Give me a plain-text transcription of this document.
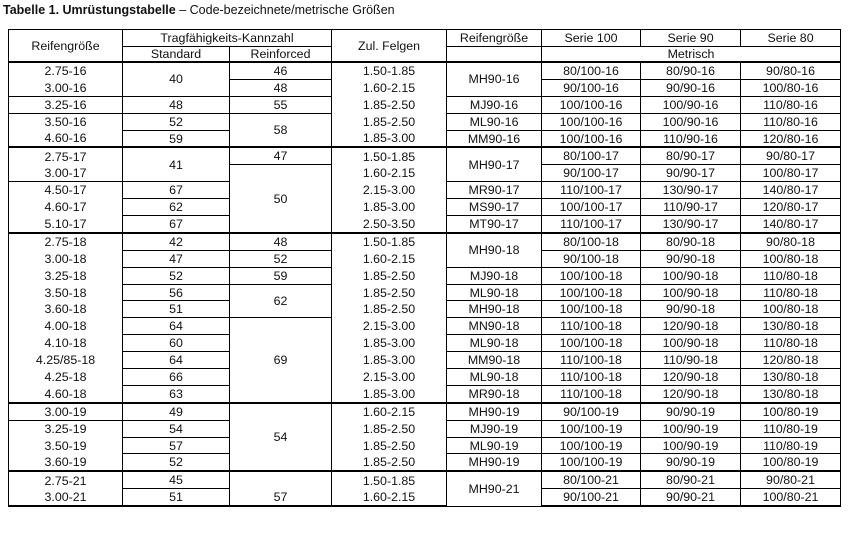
Tabelle 1. Umrüstungstabelle – Code-bezeichnete/metrische Größen
Reifengröße	Tragfähigkeits-Kannzahl		Zul. Felgen	Reifengröße	Serie 100	Serie 90	Serie 80
	Standard	Reinforced			Metrisch		
2.75-16	40	46	1.50-1.85	MH90-16	80/100-16	80/90-16	90/80-16
3.00-16		48	1.60-2.15		90/100-16	90/90-16	100/80-16
3.25-16	48	55	1.85-2.50	MJ90-16	100/100-16	100/90-16	110/80-16
3.50-16	52	58	1.85-2.50	ML90-16	100/100-16	100/90-16	110/80-16
4.60-16	59		1.85-3.00	MM90-16	100/100-16	110/90-16	120/80-16
2.75-17	41	47	1.50-1.85	MH90-17	80/100-17	80/90-17	90/80-17
3.00-17		50	1.60-2.15		90/100-17	90/90-17	100/80-17
4.50-17	67		2.15-3.00	MR90-17	110/100-17	130/90-17	140/80-17
4.60-17	62		1.85-3.00	MS90-17	100/100-17	110/90-17	120/80-17
5.10-17	67		2.50-3.50	MT90-17	110/100-17	130/90-17	140/80-17
2.75-18	42	48	1.50-1.85	MH90-18	80/100-18	80/90-18	90/80-18
3.00-18	47	52	1.60-2.15		90/100-18	90/90-18	100/80-18
3.25-18	52	59	1.85-2.50	MJ90-18	100/100-18	100/90-18	110/80-18
3.50-18	56	62	1.85-2.50	ML90-18	100/100-18	100/90-18	110/80-18
3.60-18	51		1.85-2.50	MH90-18	100/100-18	90/90-18	100/80-18
4.00-18	64	69	2.15-3.00	MN90-18	110/100-18	120/90-18	130/80-18
4.10-18	60		1.85-3.00	ML90-18	100/100-18	100/90-18	110/80-18
4.25/85-18	64		1.85-3.00	MM90-18	110/100-18	110/90-18	120/80-18
4.25-18	66		2.15-3.00	ML90-18	110/100-18	120/90-18	130/80-18
4.60-18	63		1.85-3.00	MR90-18	110/100-18	120/90-18	130/80-18
3.00-19	49	54	1.60-2.15	MH90-19	90/100-19	90/90-19	100/80-19
3.25-19	54		1.85-2.50	MJ90-19	100/100-19	100/90-19	110/80-19
3.50-19	57		1.85-2.50	ML90-19	100/100-19	100/90-19	110/80-19
3.60-19	52		1.85-2.50	MH90-19	100/100-19	90/90-19	100/80-19
2.75-21	45		1.50-1.85	MH90-21	80/100-21	80/90-21	90/80-21
3.00-21	51	57	1.60-2.15		90/100-21	90/90-21	100/80-21
